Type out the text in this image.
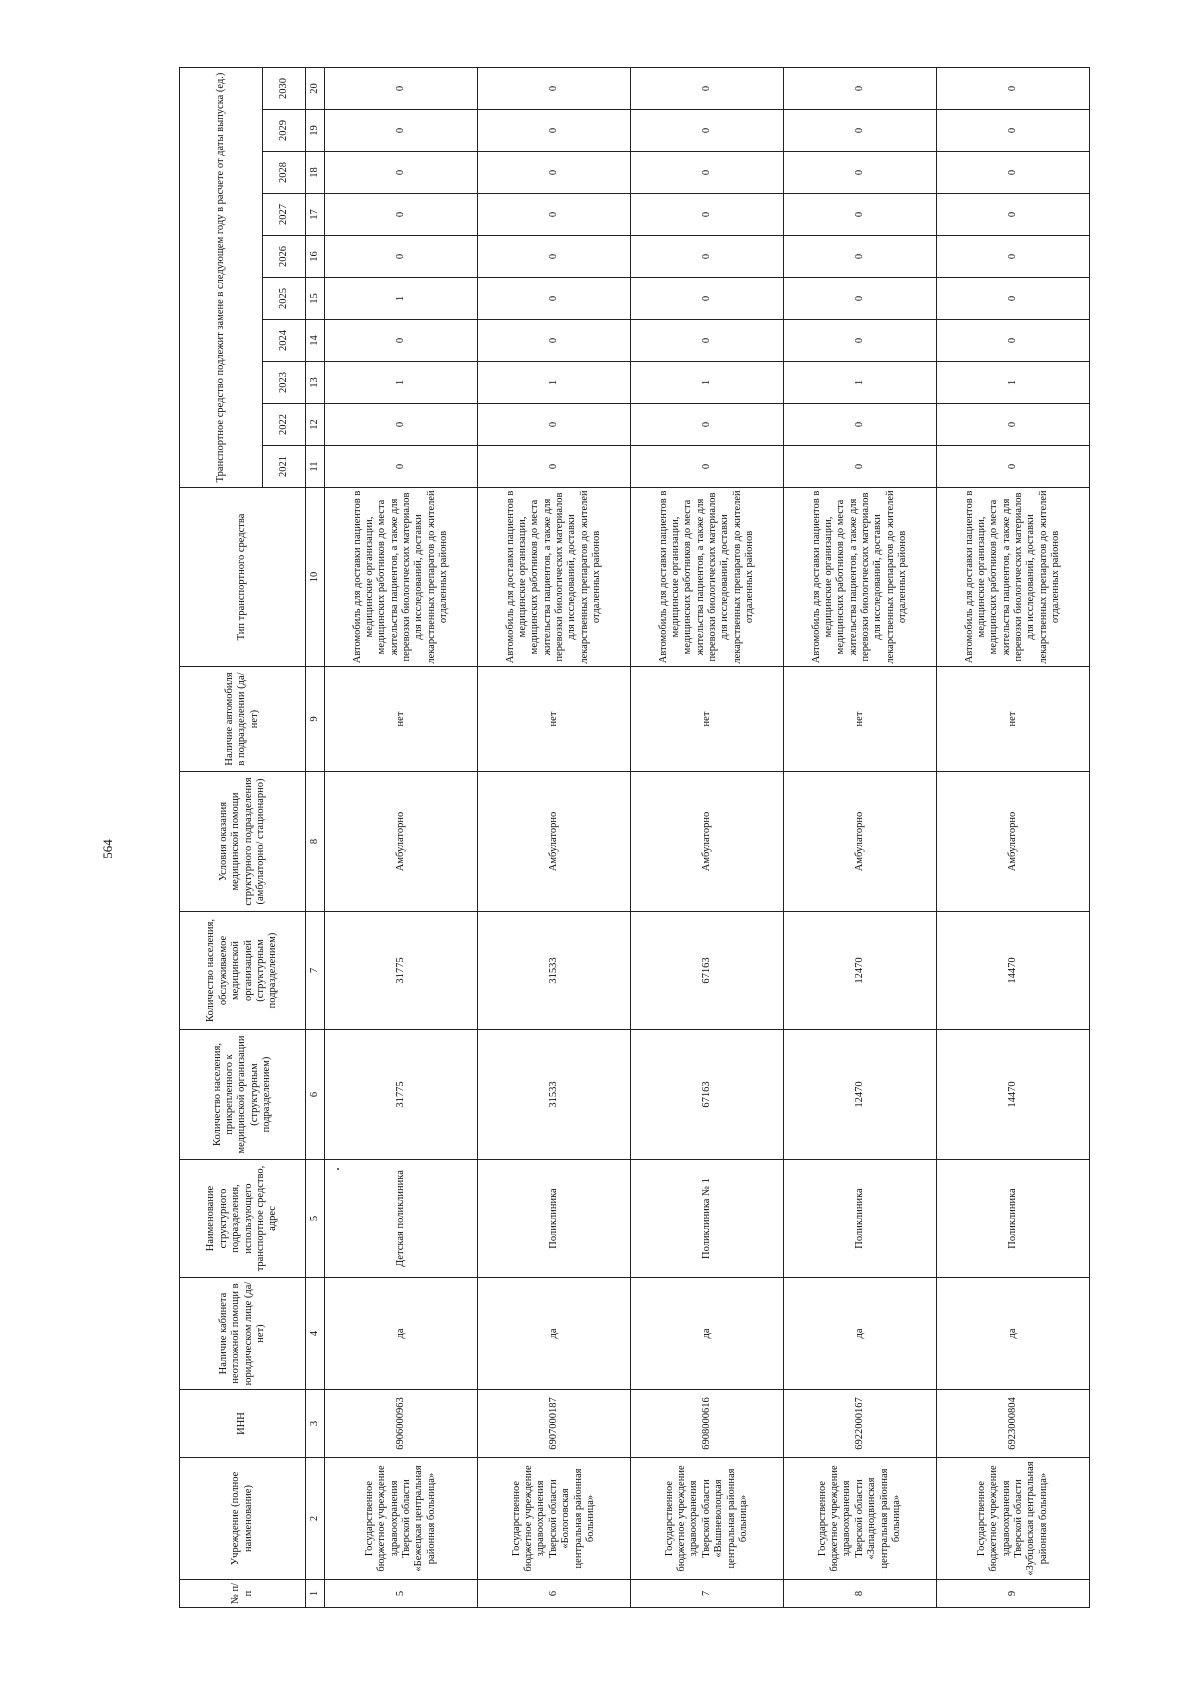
564
№ п/п	Учреждение (полное наименование)	ИНН	Наличие кабинета неотложной помощи в юридическом лице (да/нет)	Наименование структурного подразделения, использующего транспортное средство, адрес	Количество населения, прикрепленного к медицинской организации (структурным подразделением)	Количество населения, обслуживаемое медицинской организацией (структурным подразделением)	Условия оказания медицинской помощи структурного подразделения (амбулаторно/ стационарно)	Наличие автомобиля в подразделении (да/нет)	Тип транспортного средства	Транспортное средство подлежит замене в следующем году в расчете от даты выпуска (ед.)									
										2021	2022	2023	2024	2025	2026	2027	2028	2029	2030
1	2	3	4	5	6	7	8	9	10	11	12	13	14	15	16	17	18	19	20
5	Государственное бюджетное учреждение здравоохранения Тверской области «Бежецкая центральная районная больница»	6906000963	да	Детская поликлиника	31775	31775	Амбулаторно	нет	Автомобиль для доставки пациентов в медицинские организации, медицинских работников до места жительства пациентов, а также для перевозки биологических материалов для исследований, доставки лекарственных препаратов до жителей отдаленных районов	0	0	1	0	1	0	0	0	0	0
6	Государственное бюджетное учреждение здравоохранения Тверской области «Бологовская центральная районная больница»	6907000187	да	Поликлиника	31533	31533	Амбулаторно	нет	Автомобиль для доставки пациентов в медицинские организации, медицинских работников до места жительства пациентов, а также для перевозки биологических материалов для исследований, доставки лекарственных препаратов до жителей отдаленных районов	0	0	1	0	0	0	0	0	0	0
7	Государственное бюджетное учреждение здравоохранения Тверской области «Вышневолоцкая центральная районная больница»	6908000616	да	Поликлиника № 1	67163	67163	Амбулаторно	нет	Автомобиль для доставки пациентов в медицинские организации, медицинских работников до места жительства пациентов, а также для перевозки биологических материалов для исследований, доставки лекарственных препаратов до жителей отдаленных районов	0	0	1	0	0	0	0	0	0	0
8	Государственное бюджетное учреждение здравоохранения Тверской области «Западнодвинская центральная районная больница»	6922000167	да	Поликлиника	12470	12470	Амбулаторно	нет	Автомобиль для доставки пациентов в медицинские организации, медицинских работников до места жительства пациентов, а также для перевозки биологических материалов для исследований, доставки лекарственных препаратов до жителей отдаленных районов	0	0	1	0	0	0	0	0	0	0
9	Государственное бюджетное учреждение здравоохранения Тверской области «Зубцовская центральная районная больница»	6923000804	да	Поликлиника	14470	14470	Амбулаторно	нет	Автомобиль для доставки пациентов в медицинские организации, медицинских работников до места жительства пациентов, а также для перевозки биологических материалов для исследований, доставки лекарственных препаратов до жителей отдаленных районов	0	0	1	0	0	0	0	0	0	0
